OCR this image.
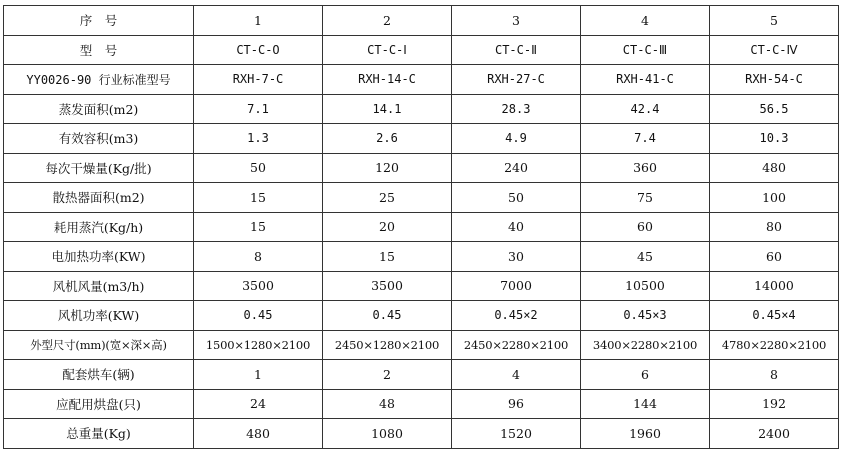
序　号	1	2	3	4	5
型　号	CT-C-O	CT-C-Ⅰ	CT-C-Ⅱ	CT-C-Ⅲ	CT-C-Ⅳ
YY0026-90 行业标准型号	RXH-7-C	RXH-14-C	RXH-27-C	RXH-41-C	RXH-54-C
蒸发面积(m2)	7.1	14.1	28.3	42.4	56.5
有效容积(m3)	1.3	2.6	4.9	7.4	10.3
每次干燥量(Kg/批)	50	120	240	360	480
散热器面积(m2)	15	25	50	75	100
耗用蒸汽(Kg/h)	15	20	40	60	80
电加热功率(KW)	8	15	30	45	60
风机风量(m3/h)	3500	3500	7000	10500	14000
风机功率(KW)	0.45	0.45	0.45×2	0.45×3	0.45×4
外型尺寸(mm)(宽×深×高)	1500×1280×2100	2450×1280×2100	2450×2280×2100	3400×2280×2100	4780×2280×2100
配套烘车(辆)	1	2	4	6	8
应配用烘盘(只)	24	48	96	144	192
总重量(Kg)	480	1080	1520	1960	2400
